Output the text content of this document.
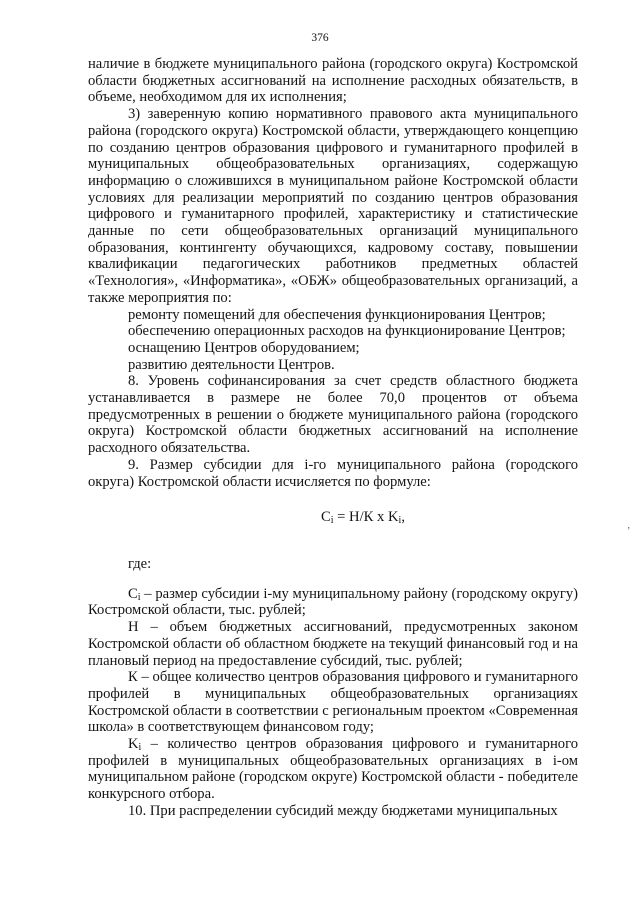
376

наличие в бюджете муниципального района (городского округа) Костромской области бюджетных ассигнований на исполнение расходных обязательств, в объеме, необходимом для их исполнения;

3) заверенную копию нормативного правового акта муниципального района (городского округа) Костромской области, утверждающего концепцию по созданию центров образования цифрового и гуманитарного профилей в муниципальных общеобразовательных организациях, содержащую информацию о сложившихся в муниципальном районе Костромской области условиях для реализации мероприятий по созданию центров образования цифрового и гуманитарного профилей, характеристику и статистические данные по сети общеобразовательных организаций муниципального образования, контингенту обучающихся, кадровому составу, повышении квалификации педагогических работников предметных областей «Технология», «Информатика», «ОБЖ» общеобразовательных организаций, а также мероприятия по:

ремонту помещений для обеспечения функционирования Центров;

обеспечению операционных расходов на функционирование Центров;

оснащению Центров оборудованием;

развитию деятельности Центров.

8. Уровень софинансирования за счет средств областного бюджета устанавливается в размере не более 70,0 процентов от объема предусмотренных в решении о бюджете муниципального района (городского округа) Костромской области бюджетных ассигнований на исполнение расходного обязательства.

9. Размер субсидии для i-го муниципального района (городского округа) Костромской области исчисляется по формуле:

$C_i = Н/К$ x $K_i$,

где:

$C_i$ – размер субсидии i-му муниципальному району (городскому округу) Костромской области, тыс. рублей;

Н – объем бюджетных ассигнований, предусмотренных законом Костромской области об областном бюджете на текущий финансовый год и на плановый период на предоставление субсидий, тыс. рублей;

К – общее количество центров образования цифрового и гуманитарного профилей в муниципальных общеобразовательных организациях Костромской области в соответствии с региональным проектом «Современная школа» в соответствующем финансовом году;

$K_i$ – количество центров образования цифрового и гуманитарного профилей в муниципальных общеобразовательных организациях в i-ом муниципальном районе (городском округе) Костромской области - победителе конкурсного отбора.

10. При распределении субсидий между бюджетами муниципальных

‚
